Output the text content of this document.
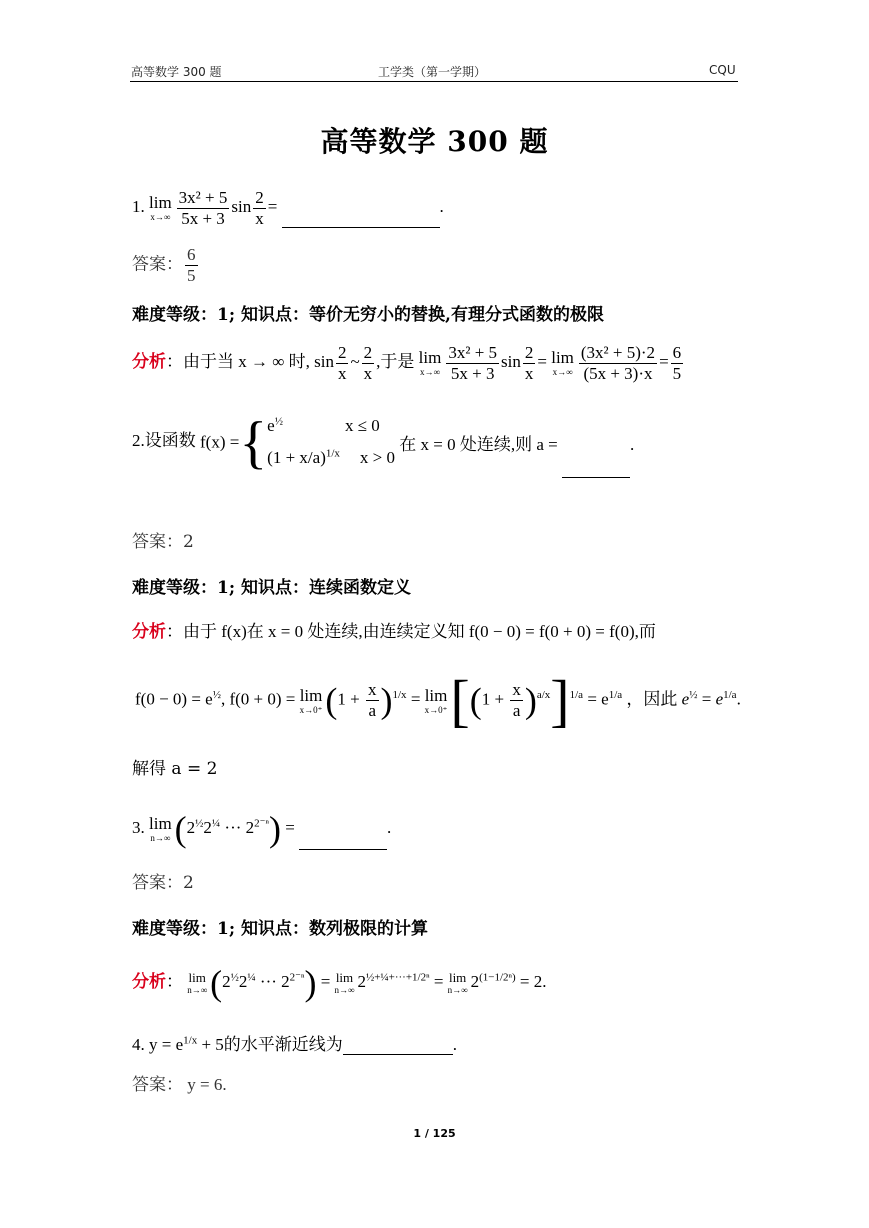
高等数学 300 题	工学类（第一学期）	CQU
高等数学 300 题
1. lim
$x\to\infty \frac{\text{3x² + 5}}{5x + 3}$ $\sin \frac{2}{x}$ =	.
答案： $\frac{6}{5}$
难度等级：1; 知识点：等价无穷小的替换,有理分式函数的极限
分析：由于当 x → ∞ 时, $\sin \frac{2}{x}$ ~ $\frac{2}{x}$ ,于是 lim
$x\to\infty \frac{\text{3x² + 5}}{5x + 3}$ $\sin \frac{2}{x} = \lim$
$x\to\infty \frac{\text{(3x² + 5)·2}}{(5x + 3)\cdot x} = \frac{6}{5}$
2.设函数 f(x) ={ $e^{\frac{1}{2}}$	x ≤ 0
$(1 + x/a)^{1/x}$ x > 0
在 x = 0 处连续,则 a =	.
答案：2
难度等级：1; 知识点：连续函数定义
分析：由于 f(x)在 x = 0 处连续,由连续定义知 f(0 − 0) = f(0 + 0) = f(0),而
$f(0 - 0) = e^{\frac{1}{2}}$, f(0 + 0) = lim
x→0⁺ $(1 + \frac{x}{a} )^{1/x} = \lim$
x→0⁺ $[(1 + \frac{x}{a} )^{a/x}]^{1/a} = e^{1/a}$ ，因此 $e^{\frac{1}{2}} = e^{1/a}$.
解得 a = 2
3. lim
n→∞ ($2^{\frac{1}{2}}2^{\frac{1}{4}}$ ··· $2^{2^{-n}}$) =	.
答案：2
难度等级：1; 知识点：数列极限的计算
分析： lim
n→∞ ($2^{\frac{1}{2}}2^{\frac{1}{4}}$ ··· $2^{2^{-n}}) = \lim$
n→∞ $2^{\frac{1}{2}+\frac{1}{4}+\cdot\cdot\cdot+1/2^n} = \lim$
n→∞ $2^{(1-1/2^n)} = 2$.
4. $y = e^{1/x} + 5$的水平渐近线为	.
答案： y = 6.
1 / 125
